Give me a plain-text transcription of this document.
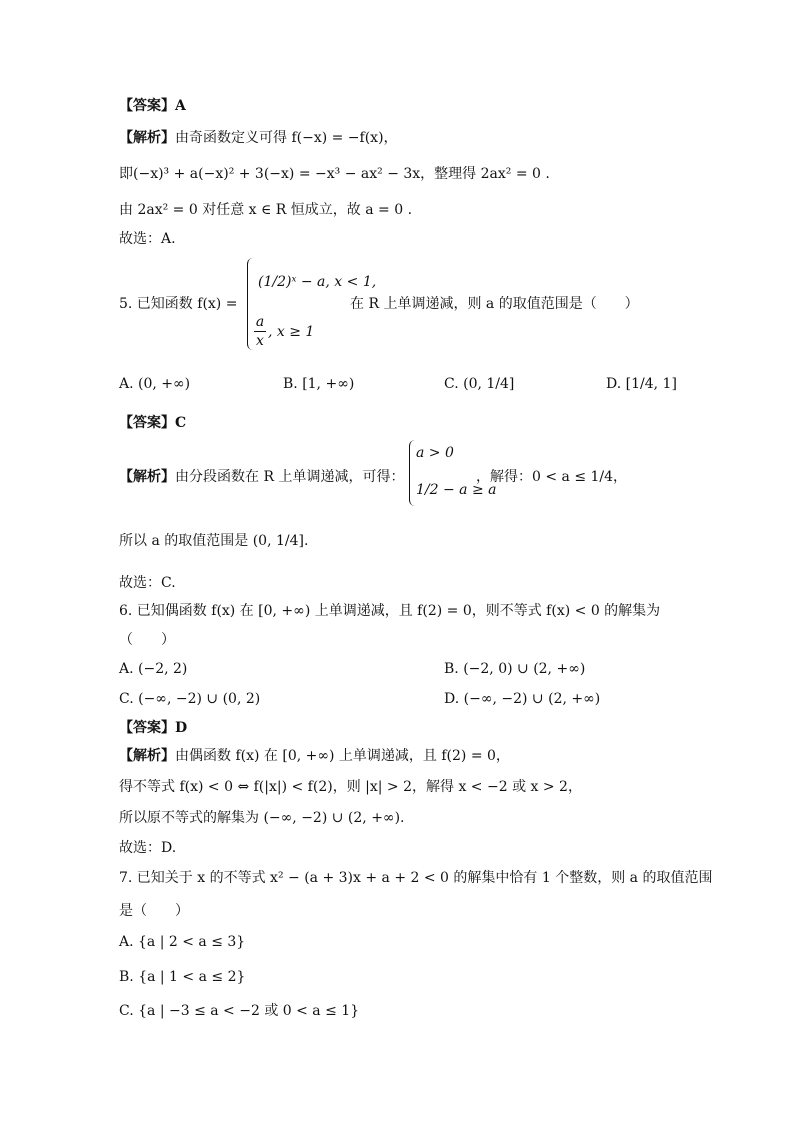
【答案】A
【解析】由奇函数定义可得 f(−x) = −f(x)，
即(−x)³ + a(−x)² + 3(−x) = −x³ − ax² − 3x，整理得 2ax² = 0 .
由 2ax² = 0 对任意 x ∈ R 恒成立，故 a = 0 .
故选：A.
5. 已知函数 f(x) =
(1/2)ˣ − a, x < 1,
a
x
, x ≥ 1
在 R 上单调递减，则 a 的取值范围是（　　）
A. (0, +∞)	B. [1, +∞)	C. (0, 1/4]	D. [1/4, 1]
【答案】C
【解析】由分段函数在 R 上单调递减，可得：
a > 0
1/2 − a ≥ a
，解得：0 < a ≤ 1/4，
所以 a 的取值范围是 (0, 1/4].
故选：C.
6. 已知偶函数 f(x) 在 [0, +∞) 上单调递减，且 f(2) = 0，则不等式 f(x) < 0 的解集为
（　　）
A. (−2, 2)	B. (−2, 0) ∪ (2, +∞)
C. (−∞, −2) ∪ (0, 2)	D. (−∞, −2) ∪ (2, +∞)
【答案】D
【解析】由偶函数 f(x) 在 [0, +∞) 上单调递减，且 f(2) = 0，
得不等式 f(x) < 0 ⇔ f(|x|) < f(2)，则 |x| > 2，解得 x < −2 或 x > 2，
所以原不等式的解集为 (−∞, −2) ∪ (2, +∞).
故选：D.
7. 已知关于 x 的不等式 x² − (a + 3)x + a + 2 < 0 的解集中恰有 1 个整数，则 a 的取值范围
是（　　）
A. {a | 2 < a ≤ 3}
B. {a | 1 < a ≤ 2}
C. {a | −3 ≤ a < −2 或 0 < a ≤ 1}
